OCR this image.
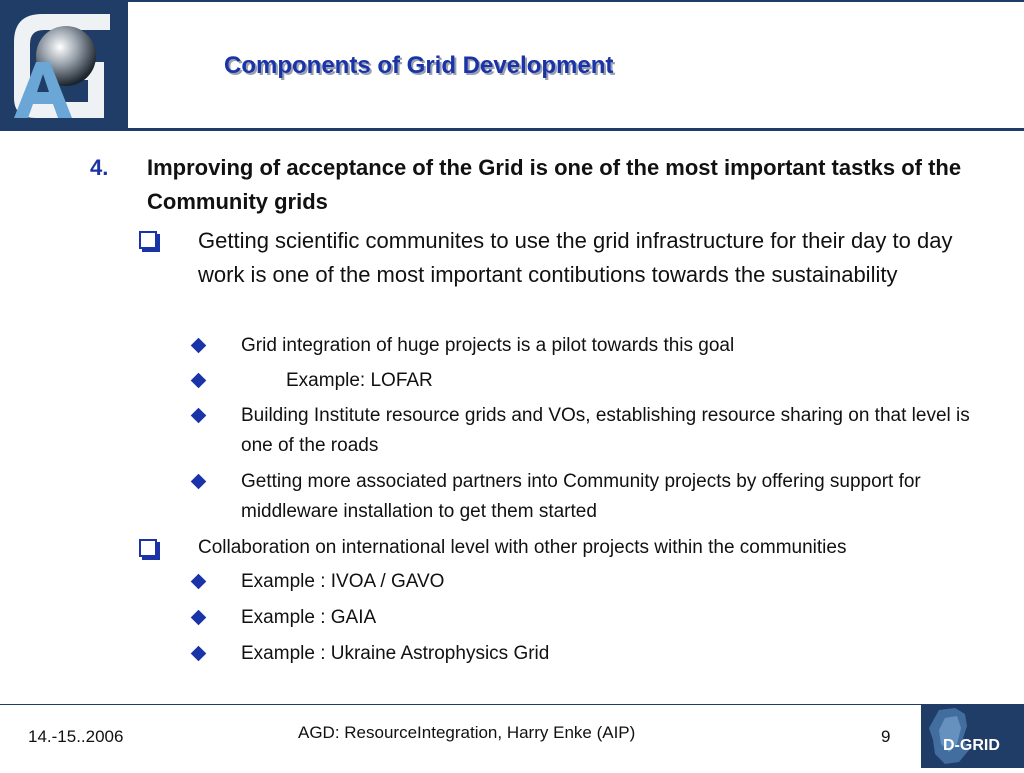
Components of Grid Development
4. Improving of acceptance of the Grid is one of the most important tastks of the Community grids
Getting scientific communites to use the grid infrastructure for their day to day work is one of the most important contibutions towards the sustainability
Grid integration of huge projects is a pilot towards this goal
Example: LOFAR
Building Institute resource grids and VOs, establishing resource sharing on that level is one of the roads
Getting more associated partners into Community projects by offering support for middleware installation to get them started
Collaboration on international level with other projects within the communities
Example : IVOA / GAVO
Example : GAIA
Example : Ukraine Astrophysics Grid
14.-15..2006	AGD: ResourceIntegration, Harry Enke (AIP)	9	D-GRID
